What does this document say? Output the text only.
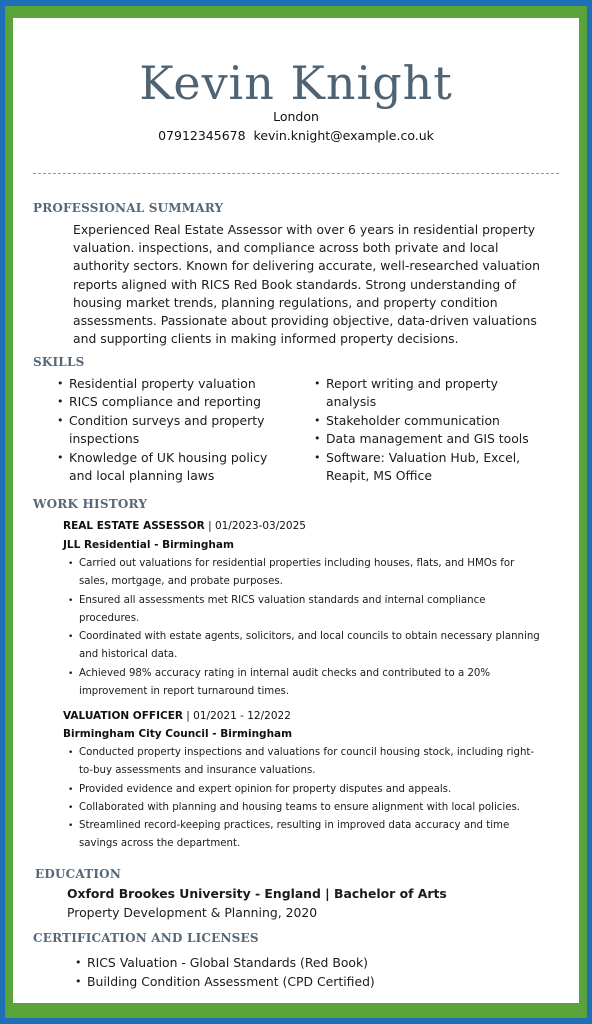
Kevin Knight
London
07912345678 kevin.knight@example.co.uk
PROFESSIONAL SUMMARY
Experienced Real Estate Assessor with over 6 years in residential property
valuation. inspections, and compliance across both private and local
authority sectors. Known for delivering accurate, well-researched valuation
reports aligned with RICS Red Book standards. Strong understanding of
housing market trends, planning regulations, and property condition
assessments. Passionate about providing objective, data-driven valuations
and supporting clients in making informed property decisions.
SKILLS
• Residential property valuation
• RICS compliance and reporting
• Condition surveys and property
inspections
• Knowledge of UK housing policy
and local planning laws
• Report writing and property
analysis
• Stakeholder communication
• Data management and GIS tools
• Software: Valuation Hub, Excel,
Reapit, MS Office
WORK HISTORY
REAL ESTATE ASSESSOR | 01/2023-03/2025
JLL Residential - Birmingham
• Carried out valuations for residential properties including houses, flats, and HMOs for
sales, mortgage, and probate purposes.
• Ensured all assessments met RICS valuation standards and internal compliance
procedures.
• Coordinated with estate agents, solicitors, and local councils to obtain necessary planning
and historical data.
• Achieved 98% accuracy rating in internal audit checks and contributed to a 20%
improvement in report turnaround times.
VALUATION OFFICER | 01/2021 - 12/2022
Birmingham City Council - Birmingham
• Conducted property inspections and valuations for council housing stock, including right-
to-buy assessments and insurance valuations.
• Provided evidence and expert opinion for property disputes and appeals.
• Collaborated with planning and housing teams to ensure alignment with local policies.
• Streamlined record-keeping practices, resulting in improved data accuracy and time
savings across the department.
EDUCATION
Oxford Brookes University - England | Bachelor of Arts
Property Development & Planning, 2020
CERTIFICATION AND LICENSES
• RICS Valuation - Global Standards (Red Book)
• Building Condition Assessment (CPD Certified)
